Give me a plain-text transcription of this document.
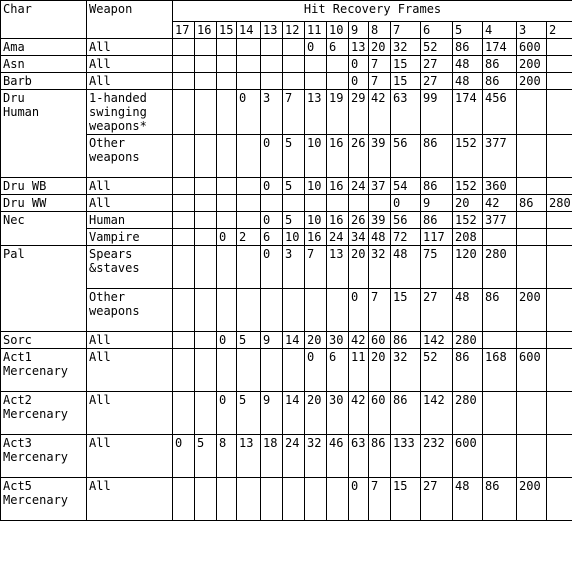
Char	Weapon	Hit Recovery Frames															
		17	16	15	14	13	12	11	10	9	8	7	6	5	4	3	2
Ama	All							0	6	13	20	32	52	86	174	600	
Asn	All									0	7	15	27	48	86	200	
Barb	All									0	7	15	27	48	86	200	
Dru
Human	1-handed
swinging
weapons*				0	3	7	13	19	29	42	63	99	174	456		
	Other
weapons					0	5	10	16	26	39	56	86	152	377		
Dru WB	All					0	5	10	16	24	37	54	86	152	360		
Dru WW	All											0	9	20	42	86	280
Nec	Human					0	5	10	16	26	39	56	86	152	377		
	Vampire			0	2	6	10	16	24	34	48	72	117	208			
Pal	Spears
&staves					0	3	7	13	20	32	48	75	120	280		
	Other
weapons									0	7	15	27	48	86	200	
Sorc	All			0	5	9	14	20	30	42	60	86	142	280			
Act1
Mercenary	All							0	6	11	20	32	52	86	168	600	
Act2
Mercenary	All			0	5	9	14	20	30	42	60	86	142	280			
Act3
Mercenary	All	0	5	8	13	18	24	32	46	63	86	133	232	600			
Act5
Mercenary	All									0	7	15	27	48	86	200	
